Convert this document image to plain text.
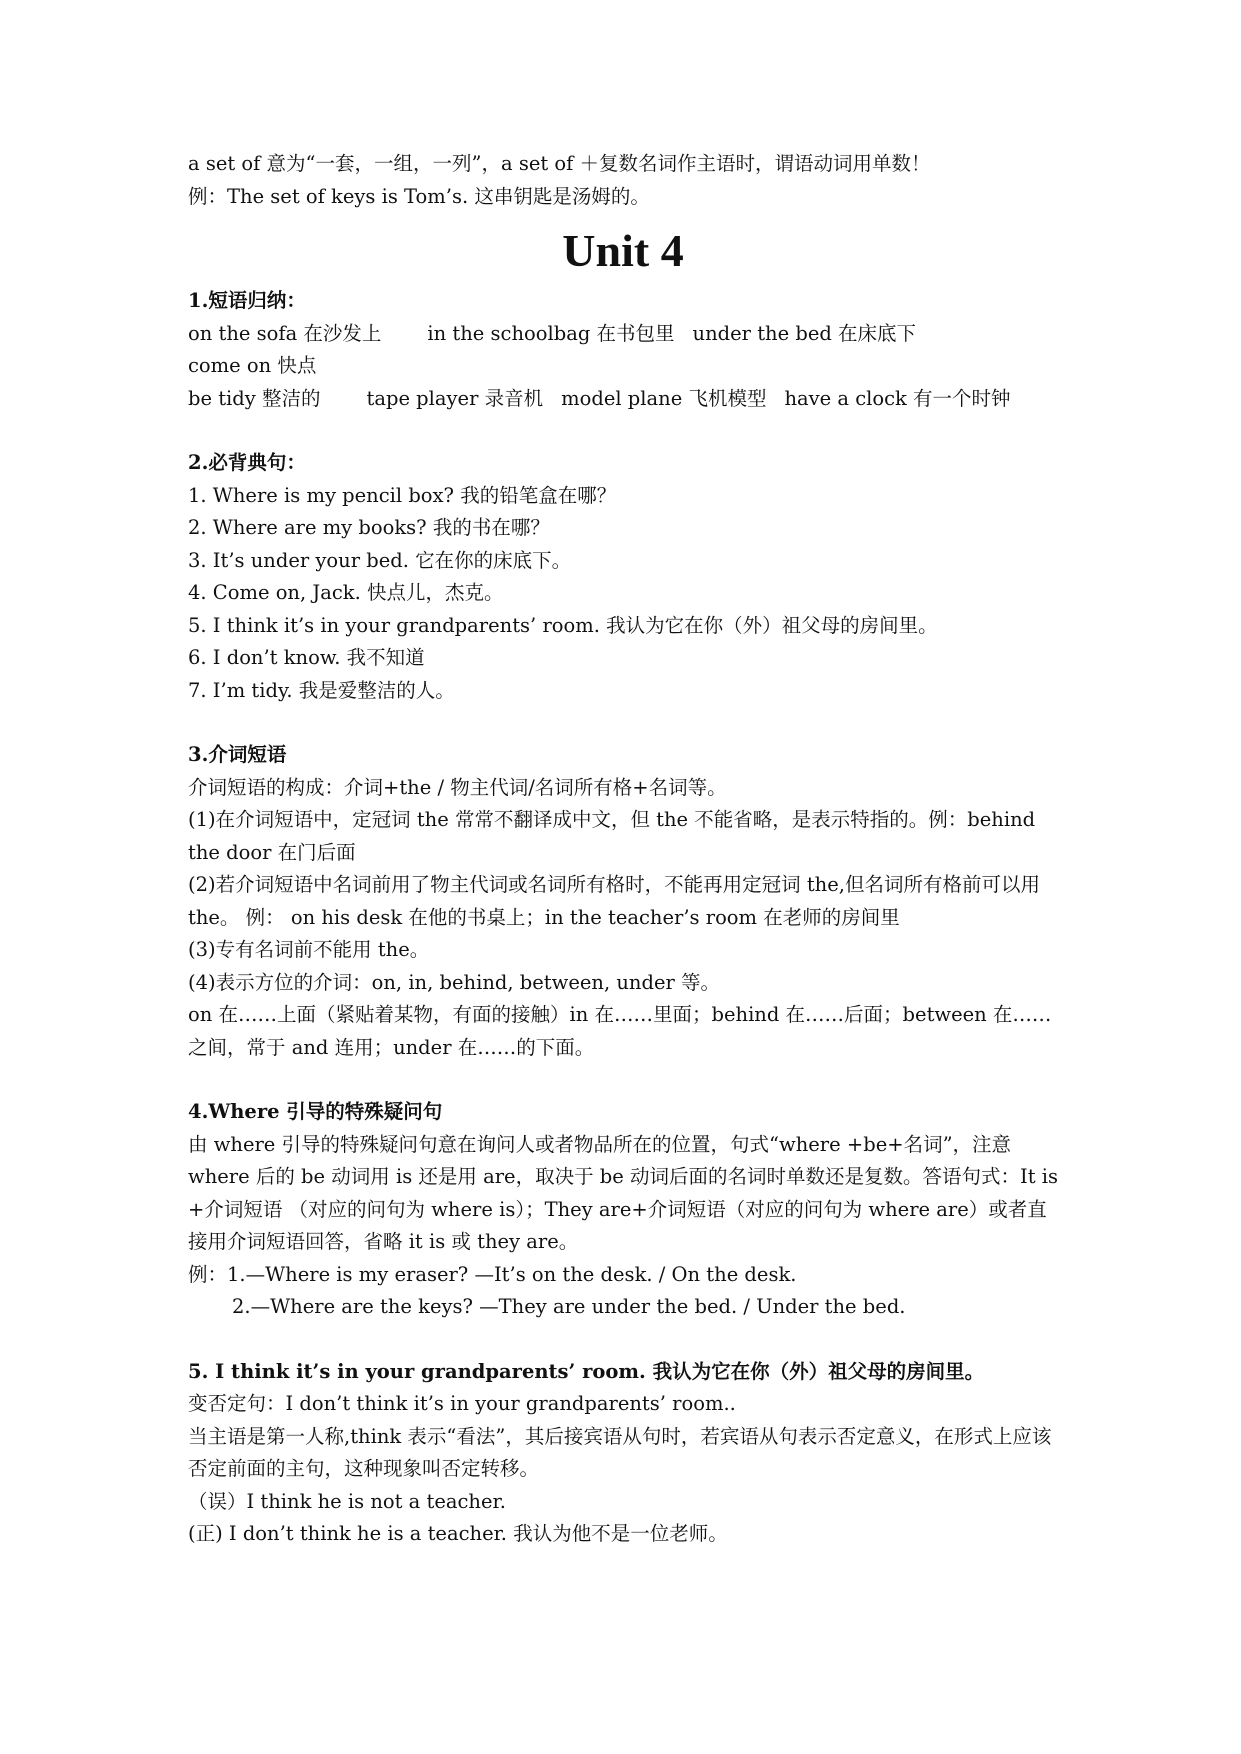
a set of 意为“一套，一组，一列”，a set of ＋复数名词作主语时，谓语动词用单数！

例：The set of keys is Tom’s. 这串钥匙是汤姆的。

Unit 4

1.短语归纳：

on the sofa 在沙发上 in the schoolbag 在书包里 under the bed 在床底下come on 快点

be tidy 整洁的 tape player 录音机 model plane 飞机模型 have a clock 有一个时钟

2.必背典句：

1. Where is my pencil box? 我的铅笔盒在哪？

2. Where are my books? 我的书在哪？

3. It’s under your bed. 它在你的床底下。

4. Come on, Jack. 快点儿，杰克。

5. I think it’s in your grandparents’ room. 我认为它在你（外）祖父母的房间里。

6. I don’t know. 我不知道

7. I’m tidy. 我是爱整洁的人。

3.介词短语

介词短语的构成：介词+the / 物主代词/名词所有格+名词等。

(1)在介词短语中，定冠词 the 常常不翻译成中文，但 the 不能省略，是表示特指的。例：behind the door 在门后面

(2)若介词短语中名词前用了物主代词或名词所有格时，不能再用定冠词 the,但名词所有格前可以用 the。 例： on his desk 在他的书桌上；in the teacher’s room 在老师的房间里

(3)专有名词前不能用 the。

(4)表示方位的介词：on, in, behind, between, under 等。

on 在……上面（紧贴着某物，有面的接触）in 在……里面；behind 在……后面；between 在……之间，常于 and 连用；under 在……的下面。

4.Where 引导的特殊疑问句

由 where 引导的特殊疑问句意在询问人或者物品所在的位置，句式“where +be+名词”，注意 where 后的 be 动词用 is 还是用 are，取决于 be 动词后面的名词时单数还是复数。答语句式：It is +介词短语 （对应的问句为 where is）；They are+介词短语（对应的问句为 where are）或者直接用介词短语回答，省略 it is 或 they are。

例：1.—Where is my eraser? —It’s on the desk. / On the desk.

2.—Where are the keys? —They are under the bed. / Under the bed.

5. I think it’s in your grandparents’ room. 我认为它在你（外）祖父母的房间里。

变否定句：I don’t think it’s in your grandparents’ room..

当主语是第一人称,think 表示“看法”，其后接宾语从句时，若宾语从句表示否定意义，在形式上应该否定前面的主句，这种现象叫否定转移。

（误）I think he is not a teacher.

(正) I don’t think he is a teacher. 我认为他不是一位老师。
